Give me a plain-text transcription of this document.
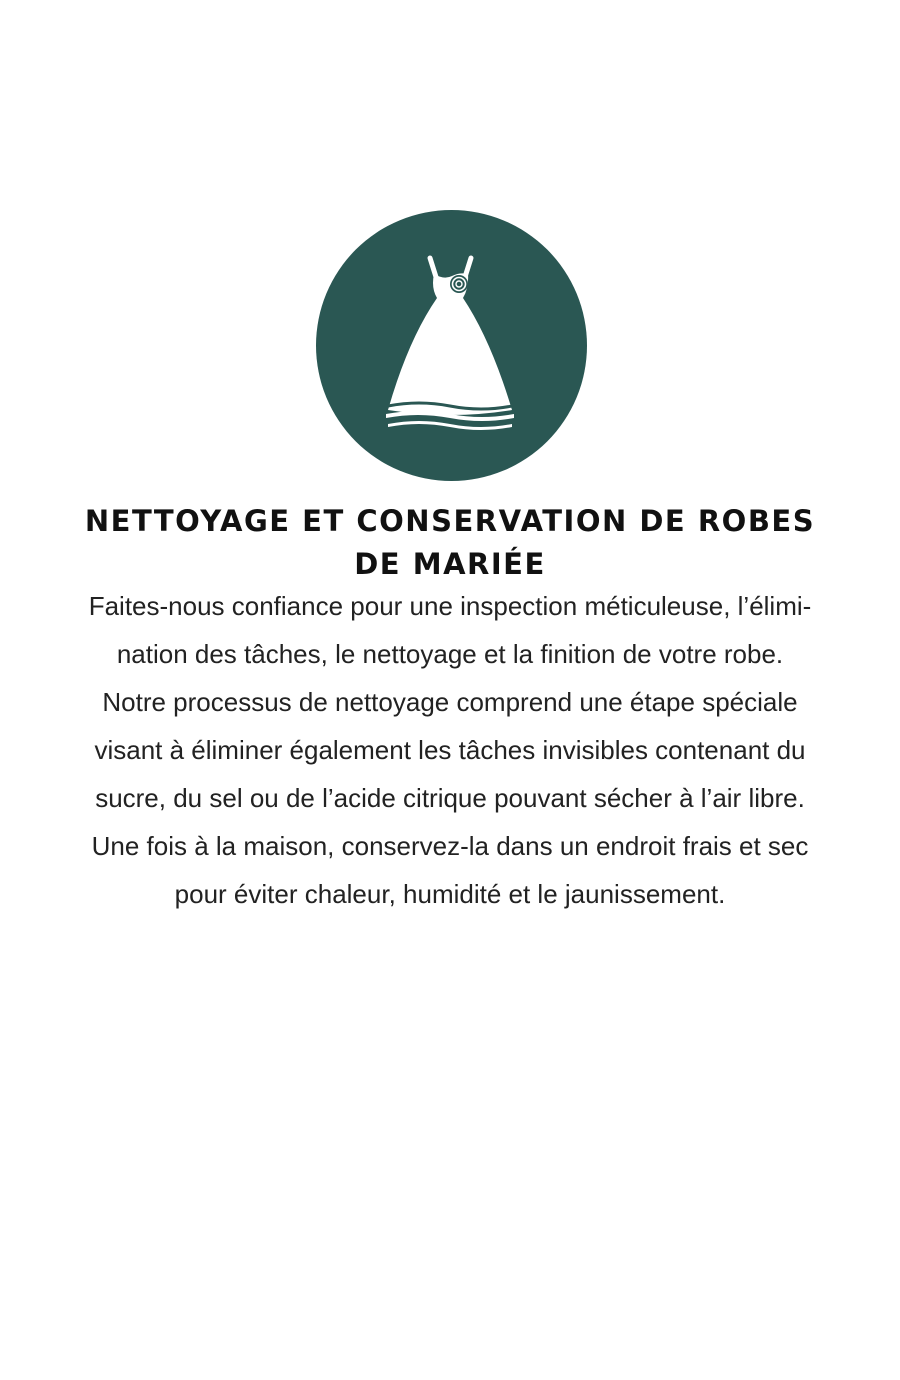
NETTOYAGE ET CONSERVATION DE ROBES
DE MARIÉE

Faites-nous confiance pour une inspection méticuleuse, l’élimi-
nation des tâches, le nettoyage et la finition de votre robe.
Notre processus de nettoyage comprend une étape spéciale
visant à éliminer également les tâches invisibles contenant du
sucre, du sel ou de l’acide citrique pouvant sécher à l’air libre.
Une fois à la maison, conservez-la dans un endroit frais et sec
pour éviter chaleur, humidité et le jaunissement.
